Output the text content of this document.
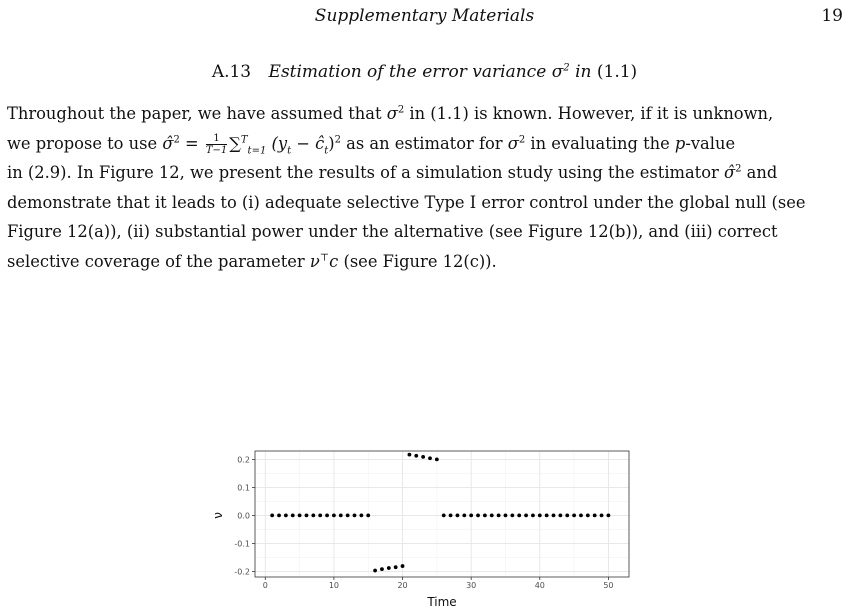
Supplementary Materials	19
A.13 Estimation of the error variance $\sigma^2$ in (1.1)
Throughout the paper, we have assumed that $\sigma^2$ in (1.1) is known. However, if it is unknown,
we propose to use σ̂$^2$ = $\frac{1}{T-1} \sum^T_{t=1}$ ($y_t$ − $ĉ_t)^2$ as an estimator for $\sigma^2$ in evaluating the p-value
in (2.9). In Figure 12, we present the results of a simulation study using the estimator σ̂$^2$ and
demonstrate that it leads to (i) adequate selective Type I error control under the global null (see
Figure 12(a)), (ii) substantial power under the alternative (see Figure 12(b)), and (iii) correct
selective coverage of the parameter ν⊤c (see Figure 12(c)).
0	10	20	30	40	50
0.2
0.1
0.0
-0.1
-0.2
Time
ν
